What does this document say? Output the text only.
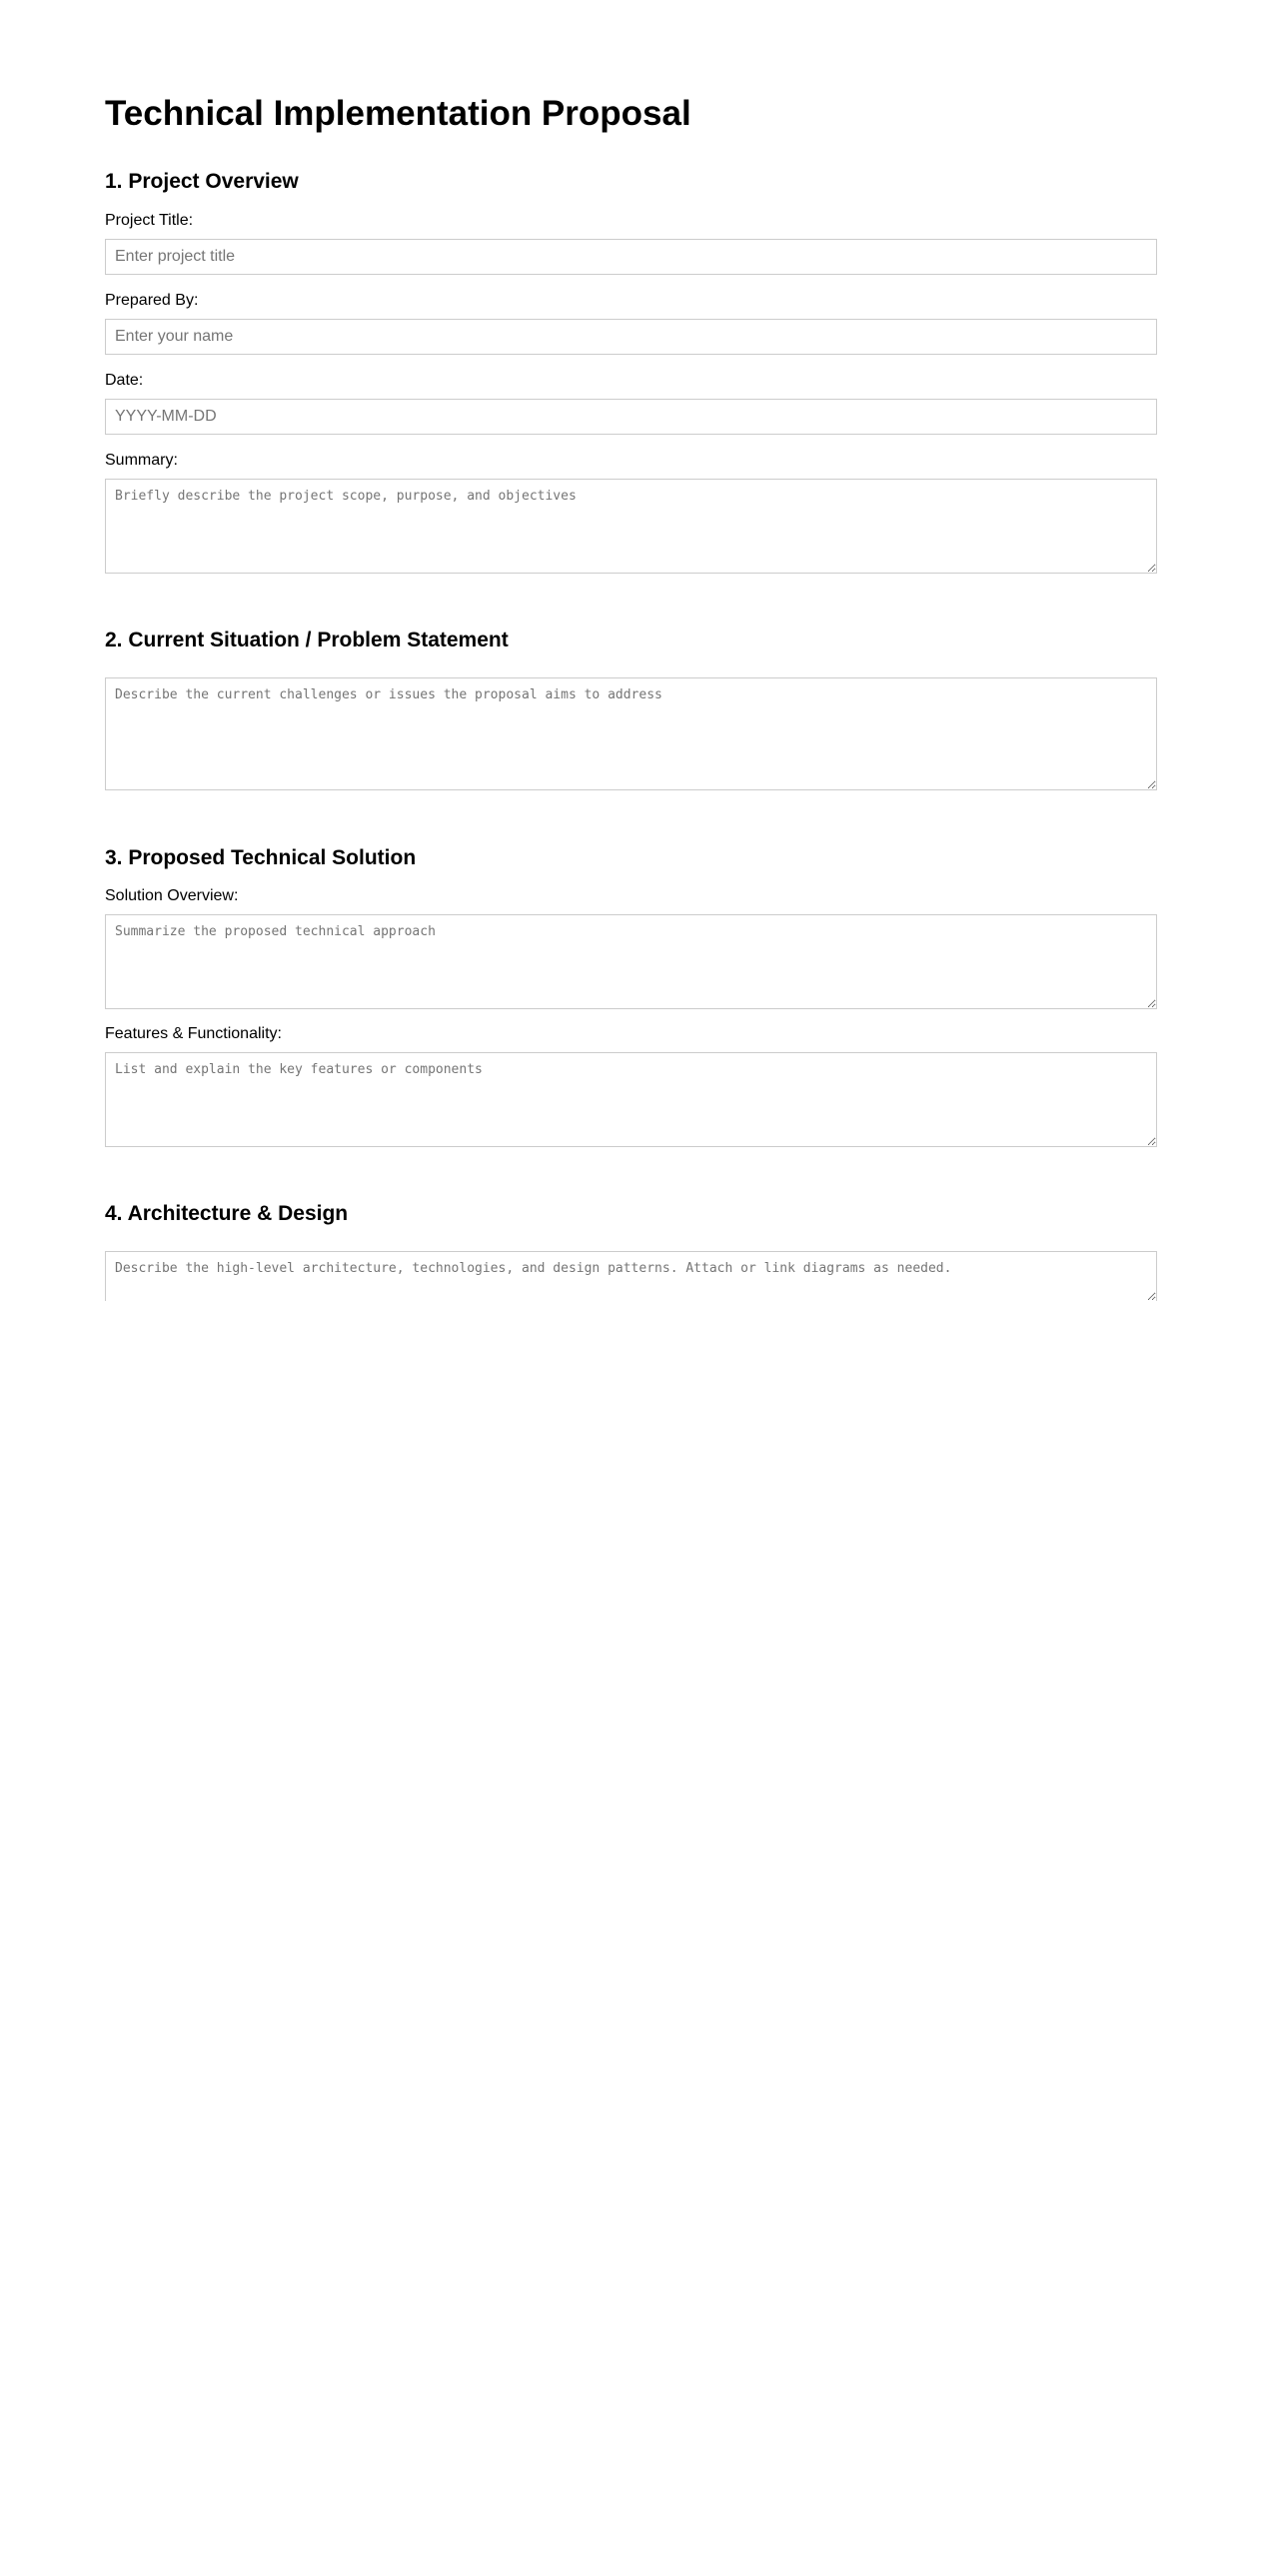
Technical Implementation Proposal
1. Project Overview
Project Title:
Enter project title
Prepared By:
Enter your name
Date:
YYYY-MM-DD
Summary:
Briefly describe the project scope, purpose, and objectives
2. Current Situation / Problem Statement
Describe the current challenges or issues the proposal aims to address
3. Proposed Technical Solution
Solution Overview:
Summarize the proposed technical approach
Features & Functionality:
List and explain the key features or components
4. Architecture & Design
Describe the high-level architecture, technologies, and design patterns. Attach or link diagrams as needed.
